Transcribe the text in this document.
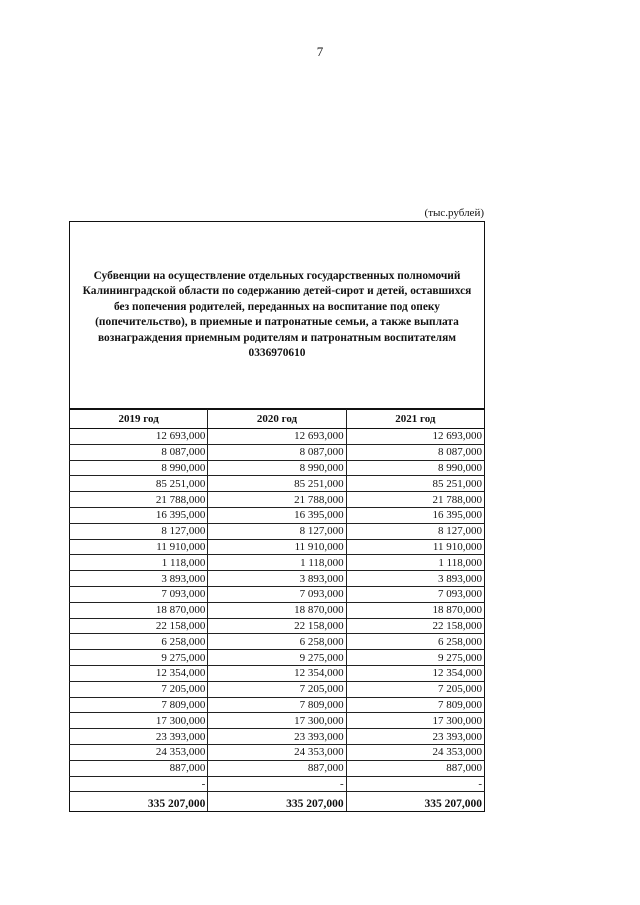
7
(тыс.рублей)
Субвенции на осуществление отдельных государственных полномочий Калининградской области по содержанию детей-сирот и детей, оставшихся без попечения родителей, переданных на воспитание под опеку (попечительство), в приемные и патронатные семьи, а также выплата вознаграждения приемным родителям и патронатным воспитателям 0336970610
2019 год	2020 год	2021 год
12 693,000	12 693,000	12 693,000
8 087,000	8 087,000	8 087,000
8 990,000	8 990,000	8 990,000
85 251,000	85 251,000	85 251,000
21 788,000	21 788,000	21 788,000
16 395,000	16 395,000	16 395,000
8 127,000	8 127,000	8 127,000
11 910,000	11 910,000	11 910,000
1 118,000	1 118,000	1 118,000
3 893,000	3 893,000	3 893,000
7 093,000	7 093,000	7 093,000
18 870,000	18 870,000	18 870,000
22 158,000	22 158,000	22 158,000
6 258,000	6 258,000	6 258,000
9 275,000	9 275,000	9 275,000
12 354,000	12 354,000	12 354,000
7 205,000	7 205,000	7 205,000
7 809,000	7 809,000	7 809,000
17 300,000	17 300,000	17 300,000
23 393,000	23 393,000	23 393,000
24 353,000	24 353,000	24 353,000
887,000	887,000	887,000
-	-	-
335 207,000	335 207,000	335 207,000
